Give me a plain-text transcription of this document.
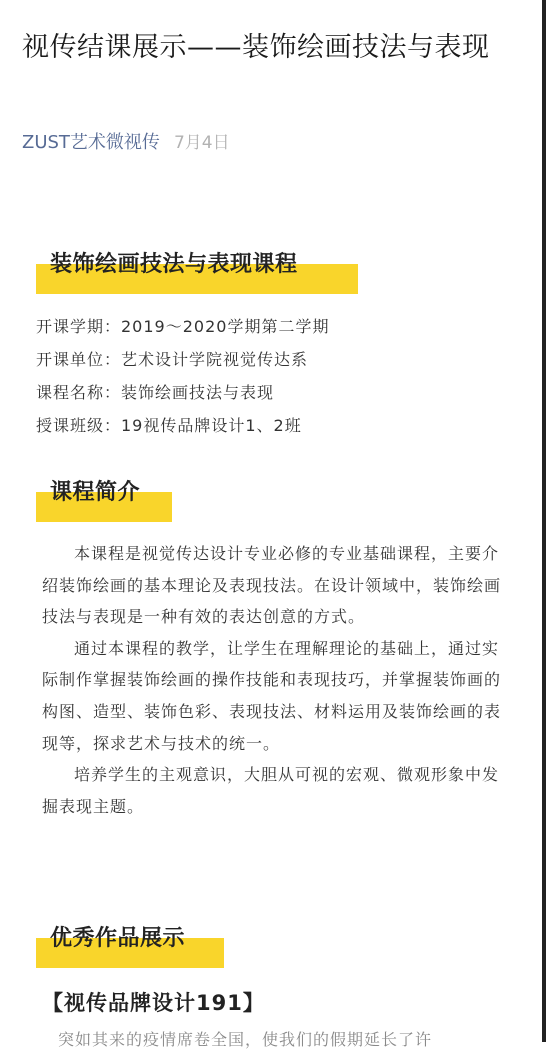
视传结课展示——装饰绘画技法与表现
ZUST艺术微视传 7月4日
装饰绘画技法与表现课程
开课学期：2019～2020学期第二学期
开课单位：艺术设计学院视觉传达系
课程名称：装饰绘画技法与表现
授课班级：19视传品牌设计1、2班
课程简介

本课程是视觉传达设计专业必修的专业基础课程，主要介绍装饰绘画的基本理论及表现技法。在设计领域中，装饰绘画技法与表现是一种有效的表达创意的方式。

通过本课程的教学，让学生在理解理论的基础上，通过实际制作掌握装饰绘画的操作技能和表现技巧，并掌握装饰画的构图、造型、装饰色彩、表现技法、材料运用及装饰绘画的表现等，探求艺术与技术的统一。

培养学生的主观意识，大胆从可视的宏观、微观形象中发掘表现主题。

优秀作品展示
【视传品牌设计191】
突如其来的疫情席卷全国，使我们的假期延长了许
